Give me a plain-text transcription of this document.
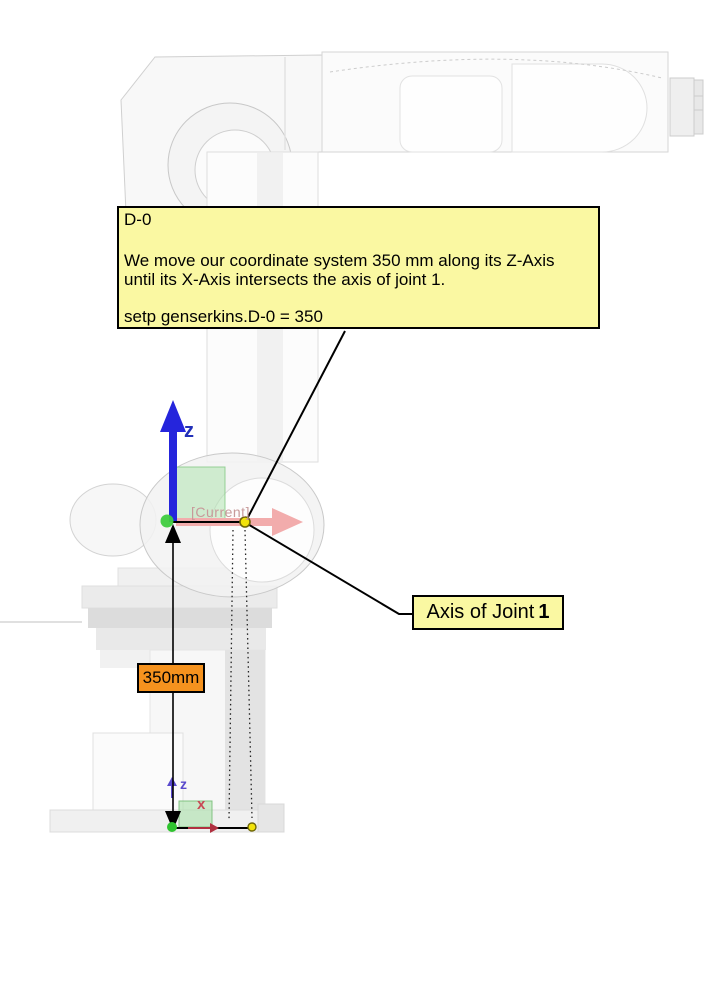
D-0
We move our coordinate system 350 mm along its Z-Axis
until its X-Axis intersects the axis of joint 1.
setp genserkins.D-0 = 350
Axis of Joint 1
350mm
[Current]
z
z
x
